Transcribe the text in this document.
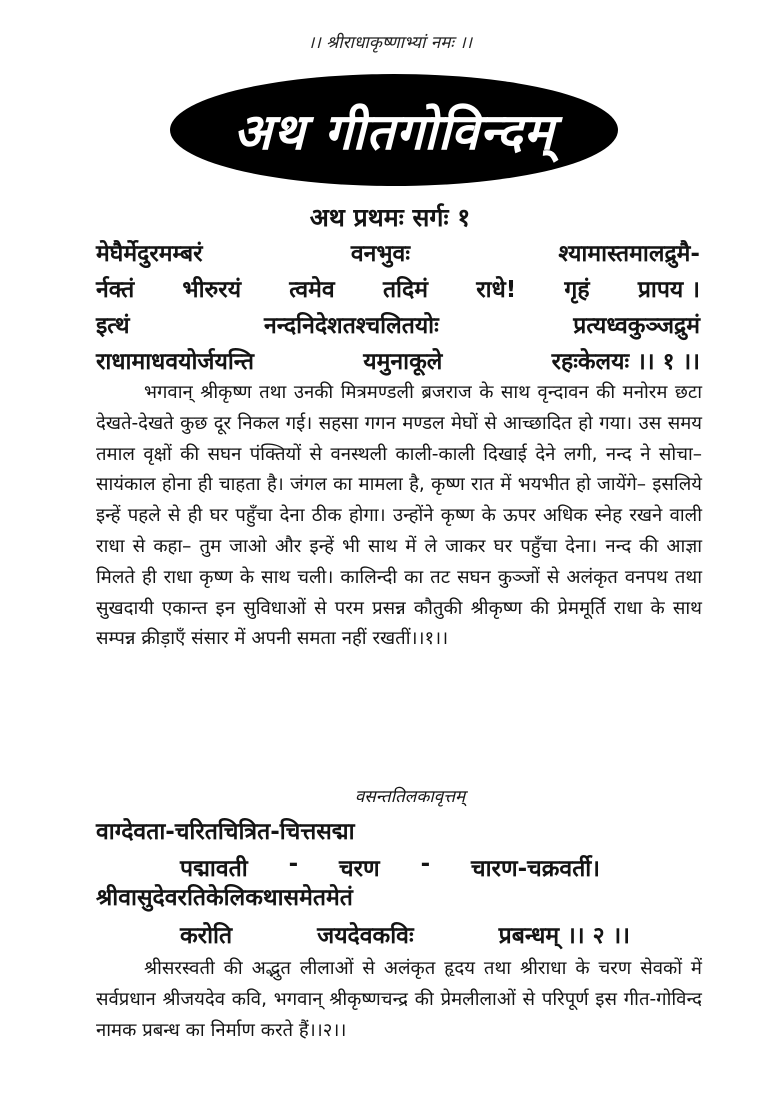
।। श्रीराधाकृष्णाभ्यां नमः ।।
अथ गीतगोविन्दम्
अथ प्रथमः सर्गः १
मेघैर्मेदुरमम्बरं	वनभुवः	श्यामास्तमालद्रुमै-
र्नक्तं भीरुरयं त्वमेव तदिमं राधे! गृहं प्रापय ।
इत्थं	नन्दनिदेशतश्चलितयोः	प्रत्यध्वकुञ्जद्रुमं
राधामाधवयोर्जयन्ति	यमुनाकूले	रहःकेलयः ।। १ ।।
भगवान् श्रीकृष्ण तथा उनकी मित्रमण्डली ब्रजराज के साथ वृन्दावन की मनोरम छटा देखते-देखते कुछ दूर निकल गई। सहसा गगन मण्डल मेघों से आच्छादित हो गया। उस समय तमाल वृक्षों की सघन पंक्तियों से वनस्थली काली-काली दिखाई देने लगी, नन्द ने सोचा– सायंकाल होना ही चाहता है। जंगल का मामला है, कृष्ण रात में भयभीत हो जायेंगे– इसलिये इन्हें पहले से ही घर पहुँचा देना ठीक होगा। उन्होंने कृष्ण के ऊपर अधिक स्नेह रखने वाली राधा से कहा– तुम जाओ और इन्हें भी साथ में ले जाकर घर पहुँचा देना। नन्द की आज्ञा मिलते ही राधा कृष्ण के साथ चली। कालिन्दी का तट सघन कुञ्जों से अलंकृत वनपथ तथा सुखदायी एकान्त इन सुविधाओं से परम प्रसन्न कौतुकी श्रीकृष्ण की प्रेममूर्ति राधा के साथ सम्पन्न क्रीड़ाएँ संसार में अपनी समता नहीं रखतीं।।१।।
वसन्ततिलकावृत्तम्
वाग्देवता-चरितचित्रित-चित्तसद्मा
पद्मावती - चरण - चारण-चक्रवर्ती।
श्रीवासुदेवरतिकेलिकथासमेतमेतं
करोति	जयदेवकविः	प्रबन्धम् ।। २ ।।
श्रीसरस्वती की अद्भुत लीलाओं से अलंकृत हृदय तथा श्रीराधा के चरण सेवकों में सर्वप्रधान श्रीजयदेव कवि, भगवान् श्रीकृष्णचन्द्र की प्रेमलीलाओं से परिपूर्ण इस गीत-गोविन्द नामक प्रबन्ध का निर्माण करते हैं।।२।।
